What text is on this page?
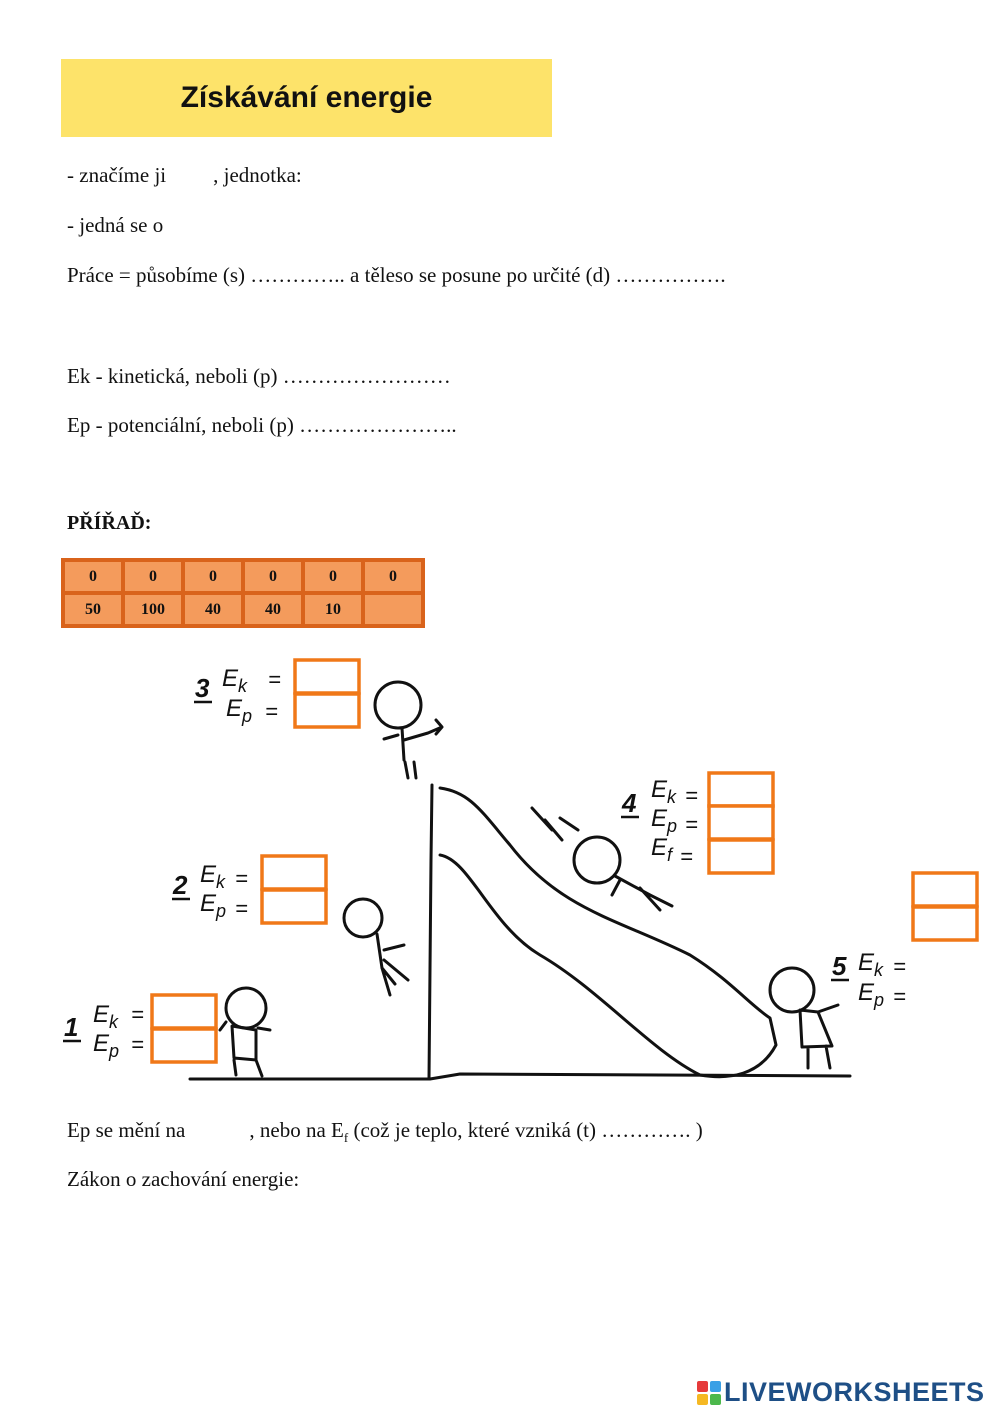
Získávání energie
- značíme ji , jednotka:
- jedná se o
Práce = působíme (s) ………….. a těleso se posune po určité (d) …………….
Ek - kinetická, neboli (p) ……………………
Ep - potenciální, neboli (p) …………………..
PŘÍŘAĎ:
0	0	0	0	0	0
50	100	40	40	10	
3 $E_k$ =
$E_p$ =
2 $E_k$ =
$E_p$ =
1 $E_k$ =
$E_p$ =
4 $E_k$ =
$E_p$ =
$E_f$ =
5 $E_k$ =
$E_p$ =
Ep se mění na	, nebo na $E_f$ (což je teplo, které vzniká (t) …………. )
Zákon o zachování energie:
LIVEWORKSHEETS
